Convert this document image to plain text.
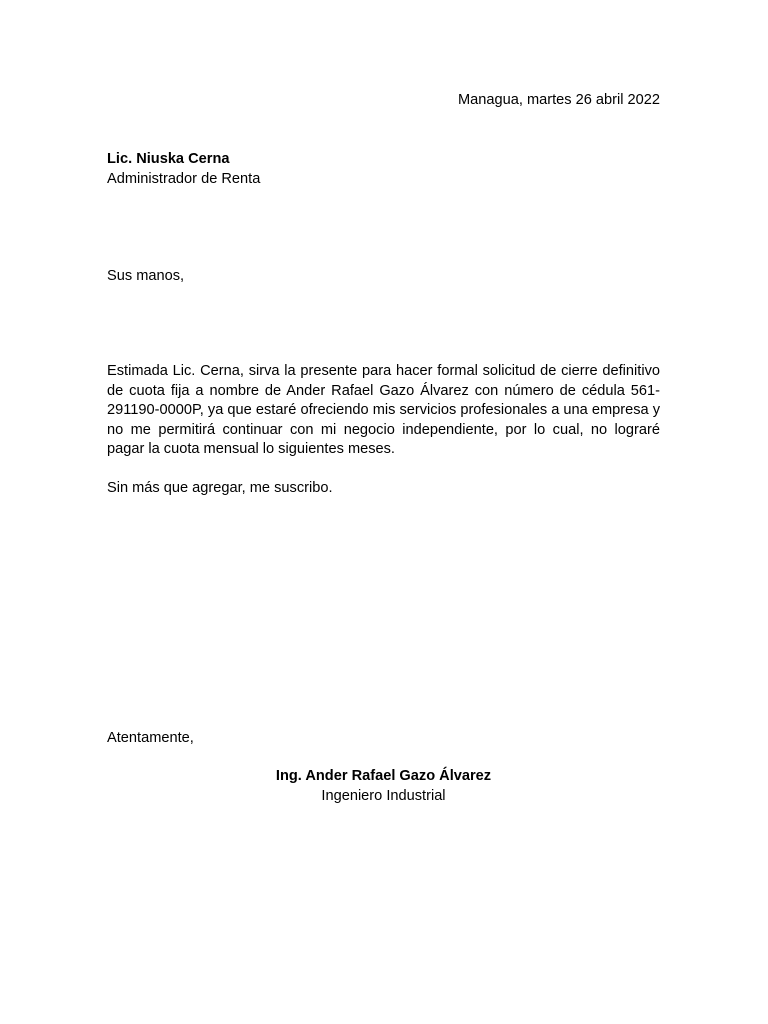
Managua, martes 26 abril 2022
Lic. Niuska Cerna
Administrador de Renta
Sus manos,

Estimada Lic. Cerna, sirva la presente para hacer formal solicitud de cierre definitivo de cuota fija a nombre de Ander Rafael Gazo Álvarez con número de cédula 561-291190-0000P, ya que estaré ofreciendo mis servicios profesionales a una empresa y no me permitirá continuar con mi negocio independiente, por lo cual, no lograré pagar la cuota mensual lo siguientes meses.

Sin más que agregar, me suscribo.
Atentamente,
Ing. Ander Rafael Gazo Álvarez
Ingeniero Industrial
